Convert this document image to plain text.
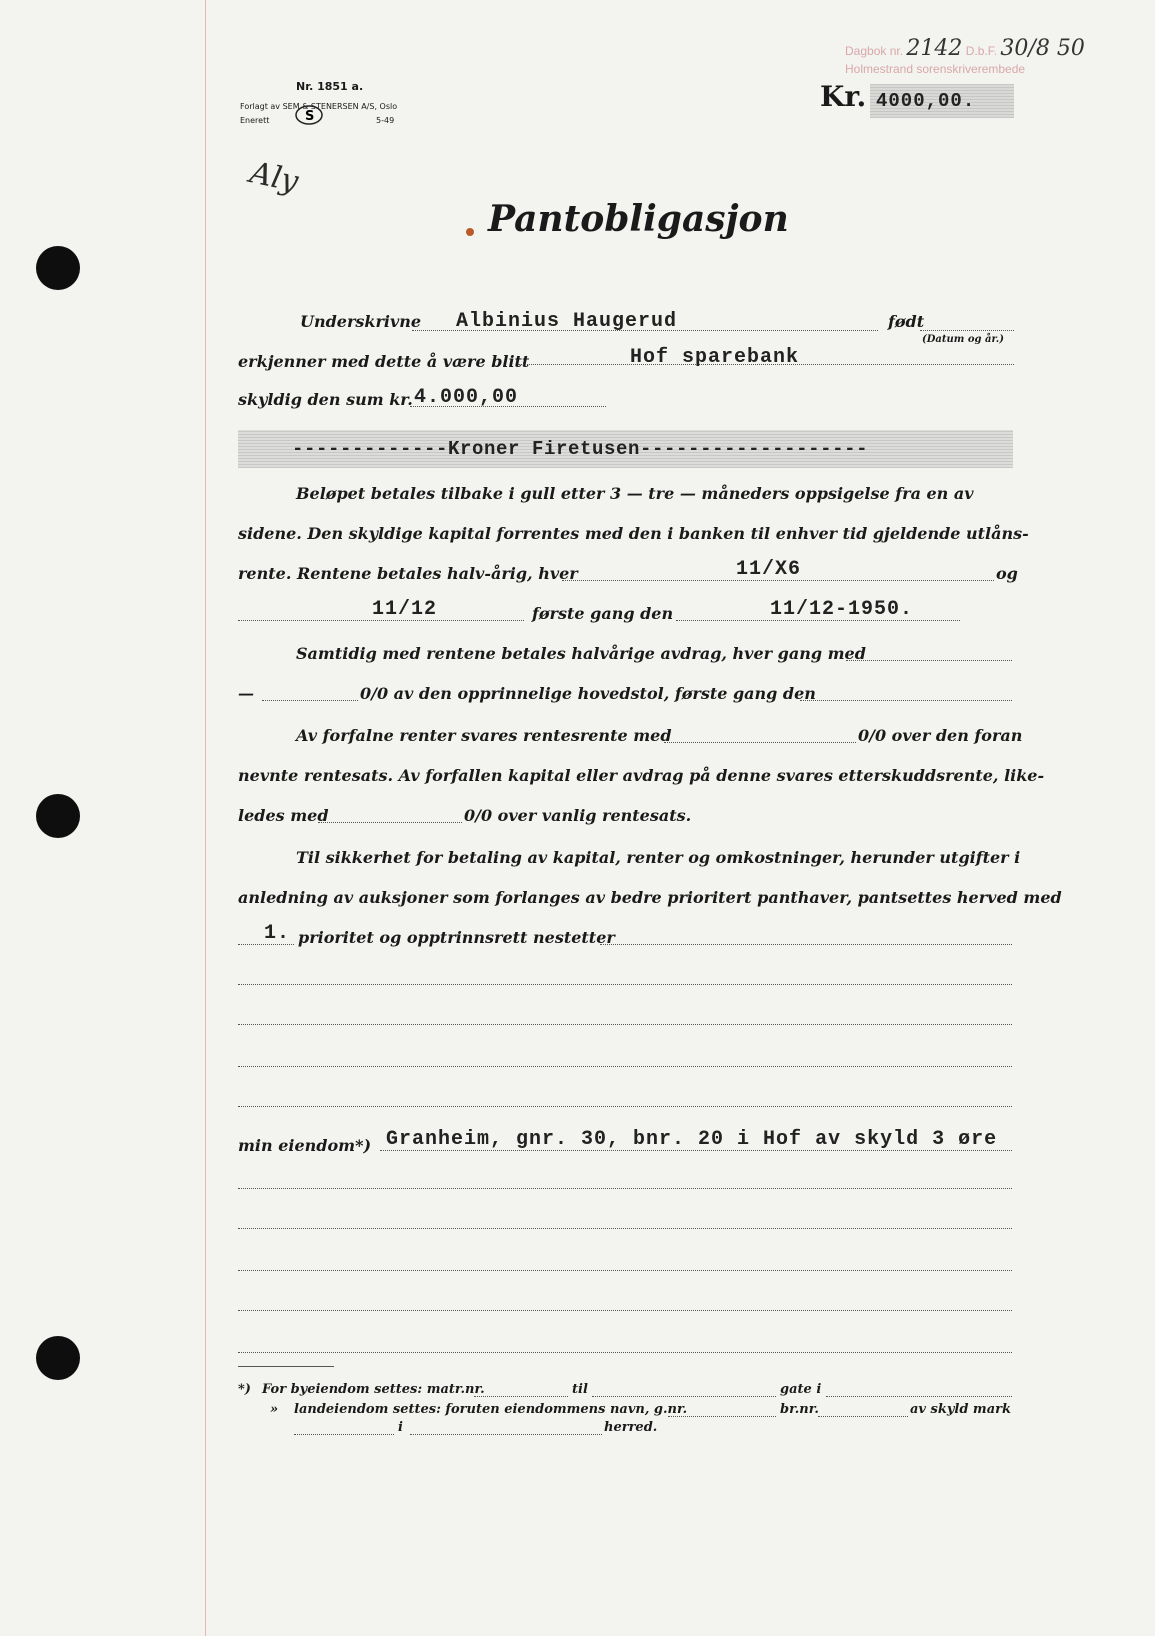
Dagbok nr. 2142 D.b.F. 30/8 50
Holmestrand sorenskriverembede
Nr. 1851 a.
Forlagt av SEM & STENERSEN A/S, Oslo
Enerett	S	5-49
Kr. 4000,00.
Aly
Pantobligasjon
Underskrivne Albinius Haugerud	født
(Datum og år.)
erkjenner med dette å være blitt	Hof sparebank
skyldig den sum kr. 4.000,00
-------------Kroner Firetusen-------------------
Beløpet betales tilbake i gull etter 3 — tre — måneders oppsigelse fra en av
sidene. Den skyldige kapital forrentes med den i banken til enhver tid gjeldende utlåns-
rente. Rentene betales halv-årig, hver	11/X6	og
11/12	første gang den	11/12-1950.
Samtidig med rentene betales halvårige avdrag, hver gang med
—	0/0 av den opprinnelige hovedstol, første gang den
Av forfalne renter svares rentesrente med	0/0 over den foran
nevnte rentesats. Av forfallen kapital eller avdrag på denne svares etterskuddsrente, like-
ledes med	0/0 over vanlig rentesats.
Til sikkerhet for betaling av kapital, renter og omkostninger, herunder utgifter i
anledning av auksjoner som forlanges av bedre prioritert panthaver, pantsettes herved med
1. prioritet og opptrinnsrett nestetter
min eiendom*) Granheim, gnr. 30, bnr. 20 i Hof av skyld 3 øre
*) For byeiendom settes: matr.nr.	til	gate i
» landeiendom settes: foruten eiendommens navn, g.nr.	br.nr.	av skyld mark
i	herred.
